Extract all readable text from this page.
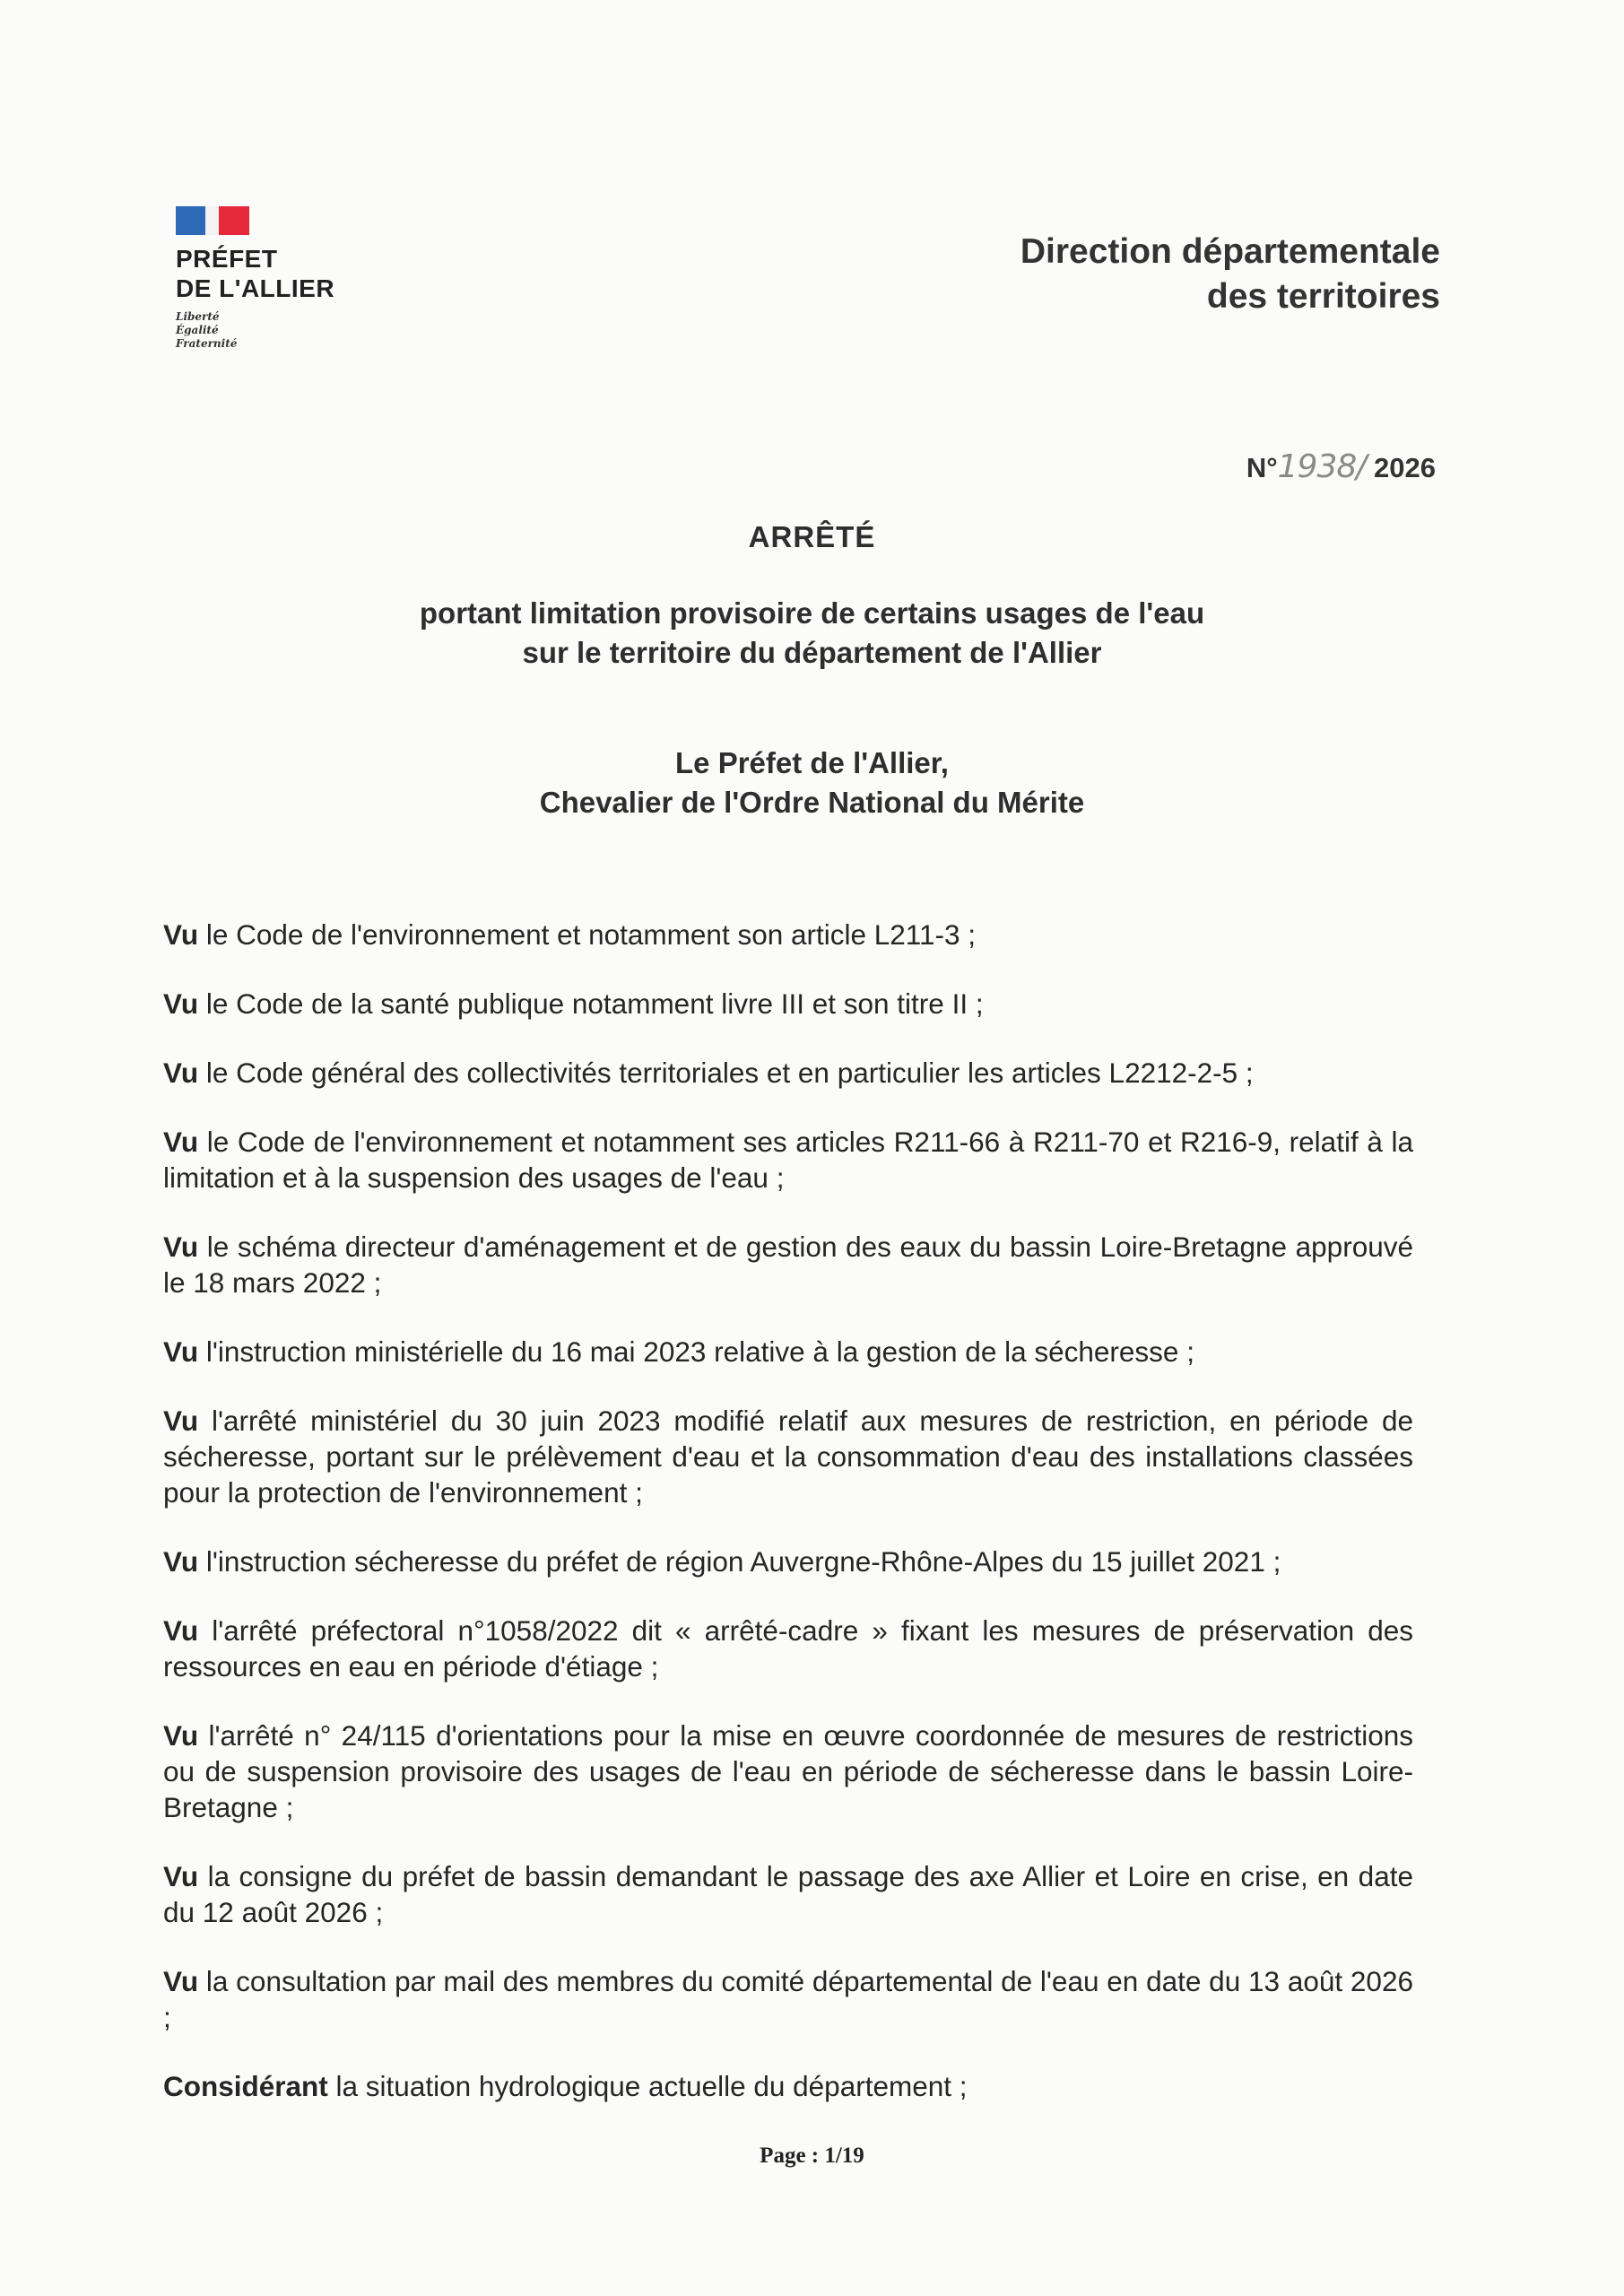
PRÉFET
DE L'ALLIER
Liberté
Égalité
Fraternité
Direction départementale
des territoires
N°1938/ 2026
ARRÊTÉ
portant limitation provisoire de certains usages de l'eau
sur le territoire du département de l'Allier
Le Préfet de l'Allier,
Chevalier de l'Ordre National du Mérite

Vu le Code de l'environnement et notamment son article L211-3 ;

Vu le Code de la santé publique notamment livre III et son titre II ;

Vu le Code général des collectivités territoriales et en particulier les articles L2212-2-5 ;

Vu le Code de l'environnement et notamment ses articles R211-66 à R211-70 et R216-9, relatif à la limitation et à la suspension des usages de l'eau ;

Vu le schéma directeur d'aménagement et de gestion des eaux du bassin Loire-Bretagne approuvé le 18 mars 2022 ;

Vu l'instruction ministérielle du 16 mai 2023 relative à la gestion de la sécheresse ;

Vu l'arrêté ministériel du 30 juin 2023 modifié relatif aux mesures de restriction, en période de sécheresse, portant sur le prélèvement d'eau et la consommation d'eau des installations classées pour la protection de l'environnement ;

Vu l'instruction sécheresse du préfet de région Auvergne-Rhône-Alpes du 15 juillet 2021 ;

Vu l'arrêté préfectoral n°1058/2022 dit « arrêté-cadre » fixant les mesures de préservation des ressources en eau en période d'étiage ;

Vu l'arrêté n° 24/115 d'orientations pour la mise en œuvre coordonnée de mesures de restrictions ou de suspension provisoire des usages de l'eau en période de sécheresse dans le bassin Loire-Bretagne ;

Vu la consigne du préfet de bassin demandant le passage des axe Allier et Loire en crise, en date du 12 août 2026 ;

Vu la consultation par mail des membres du comité départemental de l'eau en date du 13 août 2026 ;

Considérant la situation hydrologique actuelle du département ;

Page : 1/19
